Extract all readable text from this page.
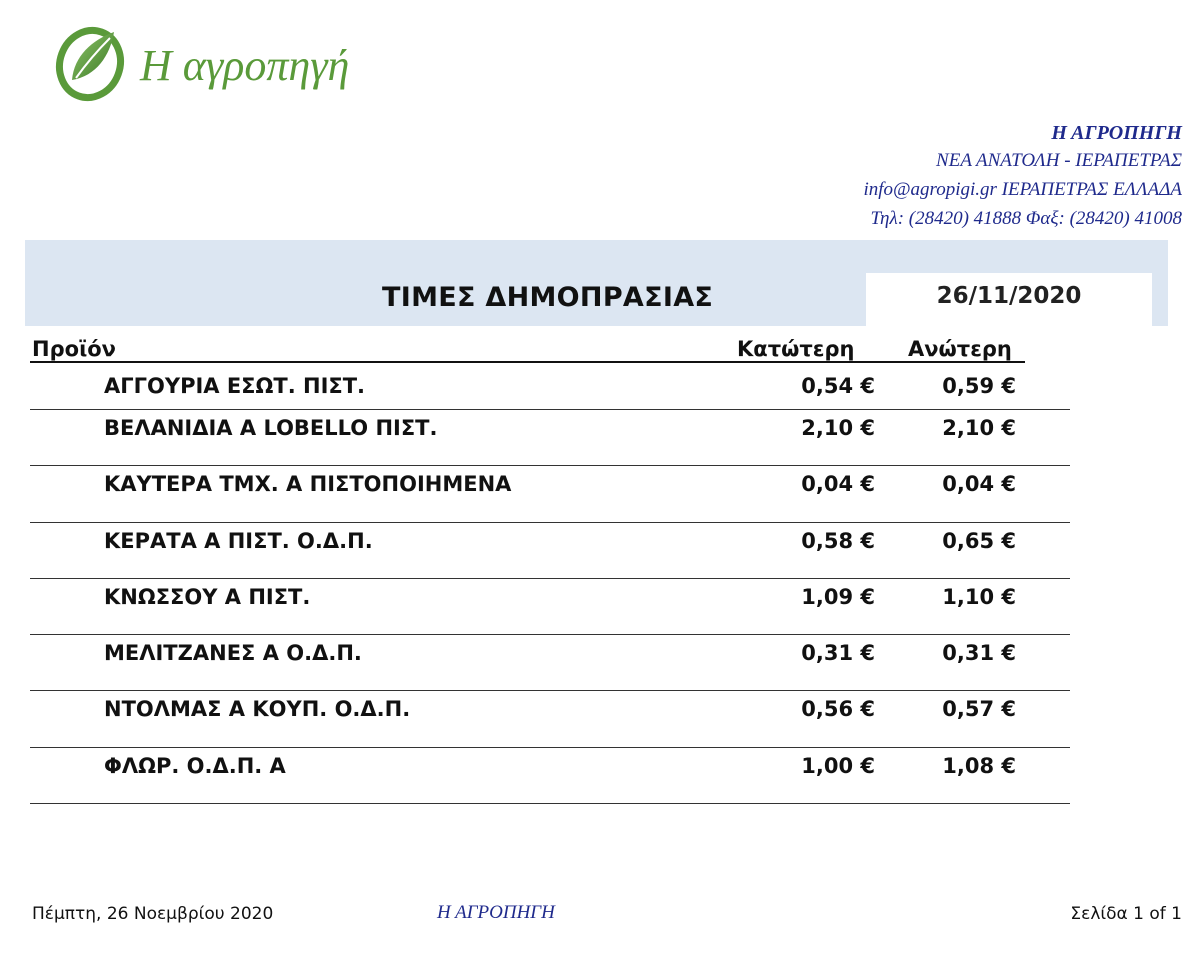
Η αγροπηγή
Η ΑΓΡΟΠΗΓΗ
ΝΕΑ ΑΝΑΤΟΛΗ - ΙΕΡΑΠΕΤΡΑΣ
info@agropigi.gr ΙΕΡΑΠΕΤΡΑΣ ΕΛΛΑΔΑ
Τηλ: (28420) 41888 Φαξ: (28420) 41008
ΤΙΜΕΣ ΔΗΜΟΠΡΑΣΙΑΣ	26/11/2020
Προϊόν	Κατώτερη	Ανώτερη
ΑΓΓΟΥΡΙΑ ΕΣΩΤ. ΠΙΣΤ.	0,54 €	0,59 €
ΒΕΛΑΝΙΔΙΑ Α LOBELLO ΠΙΣΤ.	2,10 €	2,10 €
ΚΑΥΤΕΡΑ ΤΜΧ. Α ΠΙΣΤΟΠΟΙΗΜΕΝΑ	0,04 €	0,04 €
ΚΕΡΑΤΑ Α ΠΙΣΤ. Ο.Δ.Π.	0,58 €	0,65 €
ΚΝΩΣΣΟΥ Α ΠΙΣΤ.	1,09 €	1,10 €
ΜΕΛΙΤΖΑΝΕΣ Α Ο.Δ.Π.	0,31 €	0,31 €
ΝΤΟΛΜΑΣ Α ΚΟΥΠ. Ο.Δ.Π.	0,56 €	0,57 €
ΦΛΩΡ. Ο.Δ.Π. Α	1,00 €	1,08 €
Πέμπτη, 26 Νοεμβρίου 2020	Η ΑΓΡΟΠΗΓΗ	Σελίδα 1 of 1
